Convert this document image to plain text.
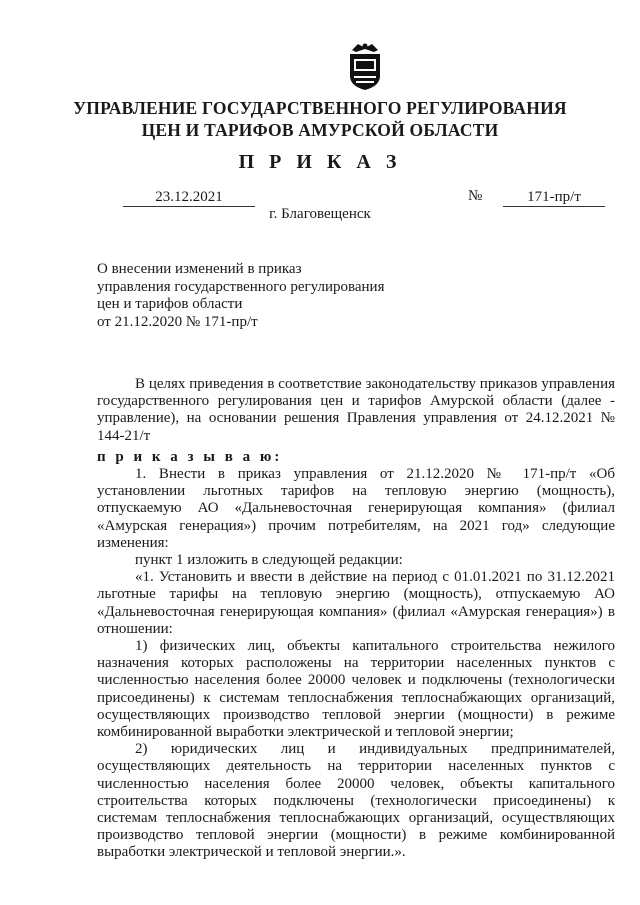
УПРАВЛЕНИЕ ГОСУДАРСТВЕННОГО РЕГУЛИРОВАНИЯ
ЦЕН И ТАРИФОВ АМУРСКОЙ ОБЛАСТИ
П Р И К А З
23.12.2021	№	171-пр/т
г. Благовещенск
О внесении изменений в приказ
управления государственного регулирования
цен и тарифов области
от 21.12.2020 № 171-пр/т

В целях приведения в соответствие законодательству приказов управления государственного регулирования цен и тарифов Амурской области (далее - управление), на основании решения Правления управления от 24.12.2021 № 144-21/т

п р и к а з ы в а ю:

1. Внести в приказ управления от 21.12.2020 № 171-пр/т «Об установлении льготных тарифов на тепловую энергию (мощность), отпускаемую АО «Дальневосточная генерирующая компания» (филиал «Амурская генерация») прочим потребителям, на 2021 год» следующие изменения:

пункт 1 изложить в следующей редакции:

«1. Установить и ввести в действие на период с 01.01.2021 по 31.12.2021 льготные тарифы на тепловую энергию (мощность), отпускаемую АО «Дальневосточная генерирующая компания» (филиал «Амурская генерация») в отношении:

1) физических лиц, объекты капитального строительства нежилого назначения которых расположены на территории населенных пунктов с численностью населения более 20000 человек и подключены (технологически присоединены) к системам теплоснабжения теплоснабжающих организаций, осуществляющих производство тепловой энергии (мощности) в режиме комбинированной выработки электрической и тепловой энергии;

2) юридических лиц и индивидуальных предпринимателей, осуществляющих деятельность на территории населенных пунктов с численностью населения более 20000 человек, объекты капитального строительства которых подключены (технологически присоединены) к системам теплоснабжения теплоснабжающих организаций, осуществляющих производство тепловой энергии (мощности) в режиме комбинированной выработки электрической и тепловой энергии.».
